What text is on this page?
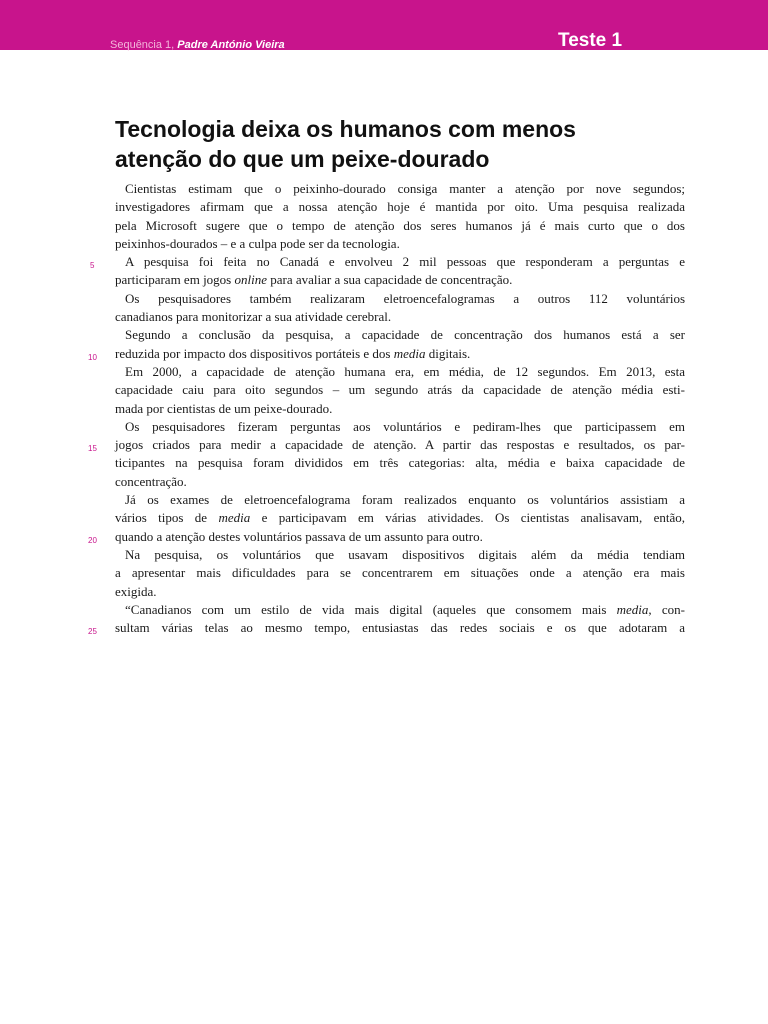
Sequência 1, Padre António Vieira	Teste 1
Tecnologia deixa os humanos com menos
atenção do que um peixe-dourado
Cientistas estimam que o peixinho-dourado consiga manter a atenção por nove segundos;
investigadores afirmam que a nossa atenção hoje é mantida por oito. Uma pesquisa realizada
pela Microsoft sugere que o tempo de atenção dos seres humanos já é mais curto que o dos
peixinhos-dourados – e a culpa pode ser da tecnologia.
A pesquisa foi feita no Canadá e envolveu 2 mil pessoas que responderam a perguntas e
5
participaram em jogos online para avaliar a sua capacidade de concentração.
Os pesquisadores também realizaram eletroencefalogramas a outros 112 voluntários
canadianos para monitorizar a sua atividade cerebral.
Segundo a conclusão da pesquisa, a capacidade de concentração dos humanos está a ser
reduzida por impacto dos dispositivos portáteis e dos media digitais.
10
Em 2000, a capacidade de atenção humana era, em média, de 12 segundos. Em 2013, esta
capacidade caiu para oito segundos – um segundo atrás da capacidade de atenção média esti-
mada por cientistas de um peixe-dourado.
Os pesquisadores fizeram perguntas aos voluntários e pediram-lhes que participassem em
jogos criados para medir a capacidade de atenção. A partir das respostas e resultados, os par-
15
ticipantes na pesquisa foram divididos em três categorias: alta, média e baixa capacidade de
concentração.
Já os exames de eletroencefalograma foram realizados enquanto os voluntários assistiam a
vários tipos de media e participavam em várias atividades. Os cientistas analisavam, então,
quando a atenção destes voluntários passava de um assunto para outro.
20
Na pesquisa, os voluntários que usavam dispositivos digitais além da média tendiam
a apresentar mais dificuldades para se concentrarem em situações onde a atenção era mais
exigida.
“Canadianos com um estilo de vida mais digital (aqueles que consomem mais media, con-
sultam várias telas ao mesmo tempo, entusiastas das redes sociais e os que adotaram a
25
